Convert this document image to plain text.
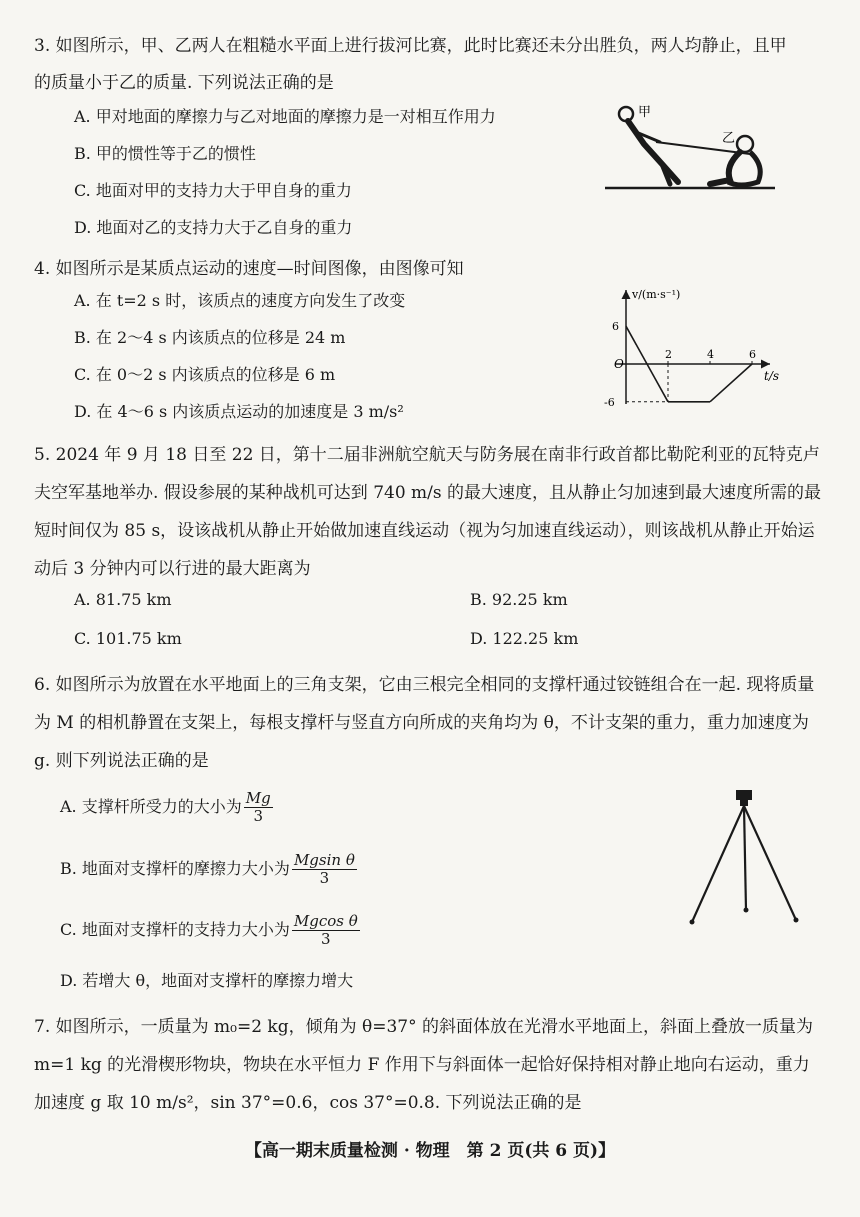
3. 如图所示，甲、乙两人在粗糙水平面上进行拔河比赛，此时比赛还未分出胜负，两人均静止，且甲的质量小于乙的质量. 下列说法正确的是
A. 甲对地面的摩擦力与乙对地面的摩擦力是一对相互作用力
B. 甲的惯性等于乙的惯性
C. 地面对甲的支持力大于甲自身的重力
D. 地面对乙的支持力大于乙自身的重力
甲
乙
4. 如图所示是某质点运动的速度—时间图像，由图像可知
A. 在 t=2 s 时，该质点的速度方向发生了改变
B. 在 2～4 s 内该质点的位移是 24 m
C. 在 0～2 s 内该质点的位移是 6 m
D. 在 4～6 s 内该质点运动的加速度是 3 m/s²
2	4	6
6
-6
v/(m·s⁻¹)
t/s
O
5. 2024 年 9 月 18 日至 22 日，第十二届非洲航空航天与防务展在南非行政首都比勒陀利亚的瓦特克卢夫空军基地举办. 假设参展的某种战机可达到 740 m/s 的最大速度，且从静止匀加速到最大速度所需的最短时间仅为 85 s，设该战机从静止开始做加速直线运动（视为匀加速直线运动），则该战机从静止开始运动后 3 分钟内可以行进的最大距离为
A. 81.75 km	B. 92.25 km
C. 101.75 km	D. 122.25 km
6. 如图所示为放置在水平地面上的三角支架，它由三根完全相同的支撑杆通过铰链组合在一起. 现将质量为 M 的相机静置在支架上，每根支撑杆与竖直方向所成的夹角均为 θ，不计支架的重力，重力加速度为 g. 则下列说法正确的是
A. 支撑杆所受力的大小为 $\frac{Mg}{3}$
B. 地面对支撑杆的摩擦力大小为 $\frac{\text{Mgsin θ}}{3}$
C. 地面对支撑杆的支持力大小为 $\frac{\text{Mgcos θ}}{3}$
D. 若增大 θ，地面对支撑杆的摩擦力增大
7. 如图所示，一质量为 m₀=2 kg，倾角为 θ=37° 的斜面体放在光滑水平地面上，斜面上叠放一质量为 m=1 kg 的光滑楔形物块，物块在水平恒力 F 作用下与斜面体一起恰好保持相对静止地向右运动，重力加速度 g 取 10 m/s²，sin 37°=0.6，cos 37°=0.8. 下列说法正确的是
【高一期末质量检测 · 物理　第 2 页(共 6 页)】
